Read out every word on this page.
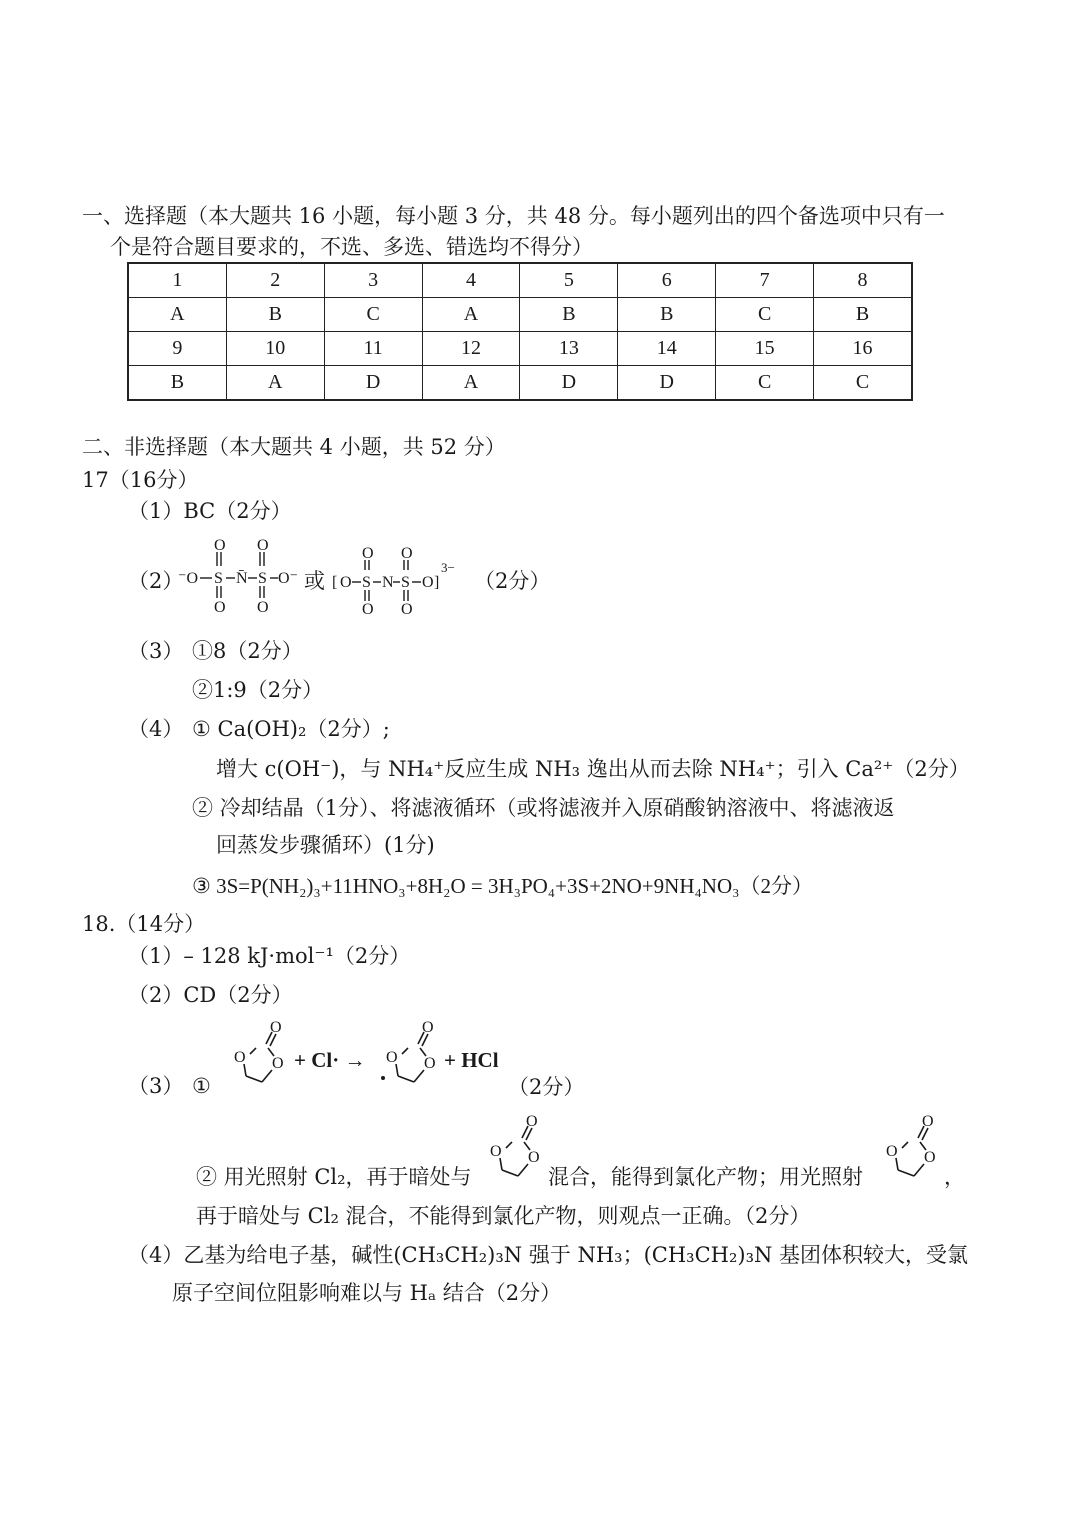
一、选择题（本大题共 16 小题，每小题 3 分，共 48 分。每小题列出的四个备选项中只有一
个是符合题目要求的，不选、多选、错选均不得分）
1	2	3	4	5	6	7	8
A	B	C	A	B	B	C	B
9	10	11	12	13	14	15	16
B	A	D	A	D	D	C	C
二、非选择题（本大题共 4 小题，共 52 分）
17（16分）
（1）BC（2分）
（2）
⁻O S N̄ S O⁻
O
O
O
O
或 [ O S N S O ]
3−
O
O
O
O
（2分）
（3） ①8（2分）
②1:9（2分）
（4） ① Ca(OH)₂（2分）;
增大 c(OH⁻)，与 NH₄⁺反应生成 NH₃ 逸出从而去除 NH₄⁺；引入 Ca²⁺（2分）
② 冷却结晶（1分）、将滤液循环（或将滤液并入原硝酸钠溶液中、将滤液返
回蒸发步骤循环）(1分)
③ 3S=P(NH₂)₃+11HNO₃+8H₂O = 3H₃PO₄+3S+2NO+9NH₄NO₃（2分）
18.（14分）
（1）– 128 kJ·mol⁻¹（2分）
（2）CD（2分）
（3） ①
O
O O + Cl· →
O
O O + HCl
（2分）
② 用光照射 Cl₂，再于暗处与
O
O O
混合，能得到氯化产物；用光照射
O
O O
，
再于暗处与 Cl₂ 混合，不能得到氯化产物，则观点一正确。（2分）
（4）乙基为给电子基，碱性(CH₃CH₂)₃N 强于 NH₃；(CH₃CH₂)₃N 基团体积较大，受氯
原子空间位阻影响难以与 Hₐ 结合（2分）
